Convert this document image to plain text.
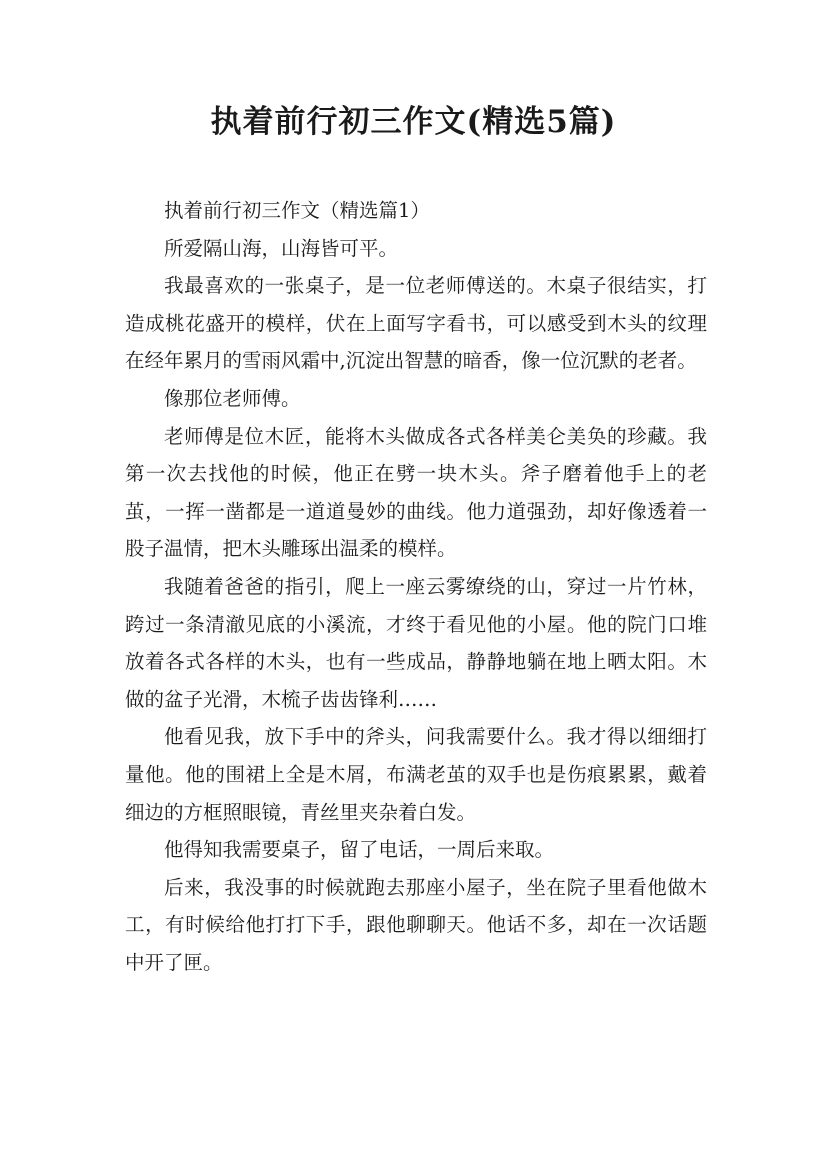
执着前行初三作文(精选5篇)

执着前行初三作文（精选篇1）

所爱隔山海，山海皆可平。

我最喜欢的一张桌子，是一位老师傅送的。木桌子很结实，打造成桃花盛开的模样，伏在上面写字看书，可以感受到木头的纹理在经年累月的雪雨风霜中,沉淀出智慧的暗香，像一位沉默的老者。

像那位老师傅。

老师傅是位木匠，能将木头做成各式各样美仑美奂的珍藏。我第一次去找他的时候，他正在劈一块木头。斧子磨着他手上的老茧，一挥一凿都是一道道曼妙的曲线。他力道强劲，却好像透着一股子温情，把木头雕琢出温柔的模样。

我随着爸爸的指引，爬上一座云雾缭绕的山，穿过一片竹林，跨过一条清澈见底的小溪流，才终于看见他的小屋。他的院门口堆放着各式各样的木头，也有一些成品，静静地躺在地上晒太阳。木做的盆子光滑，木梳子齿齿锋利……

他看见我，放下手中的斧头，问我需要什么。我才得以细细打量他。他的围裙上全是木屑，布满老茧的双手也是伤痕累累，戴着细边的方框照眼镜，青丝里夹杂着白发。

他得知我需要桌子，留了电话，一周后来取。

后来，我没事的时候就跑去那座小屋子，坐在院子里看他做木工，有时候给他打打下手，跟他聊聊天。他话不多，却在一次话题中开了匣。
